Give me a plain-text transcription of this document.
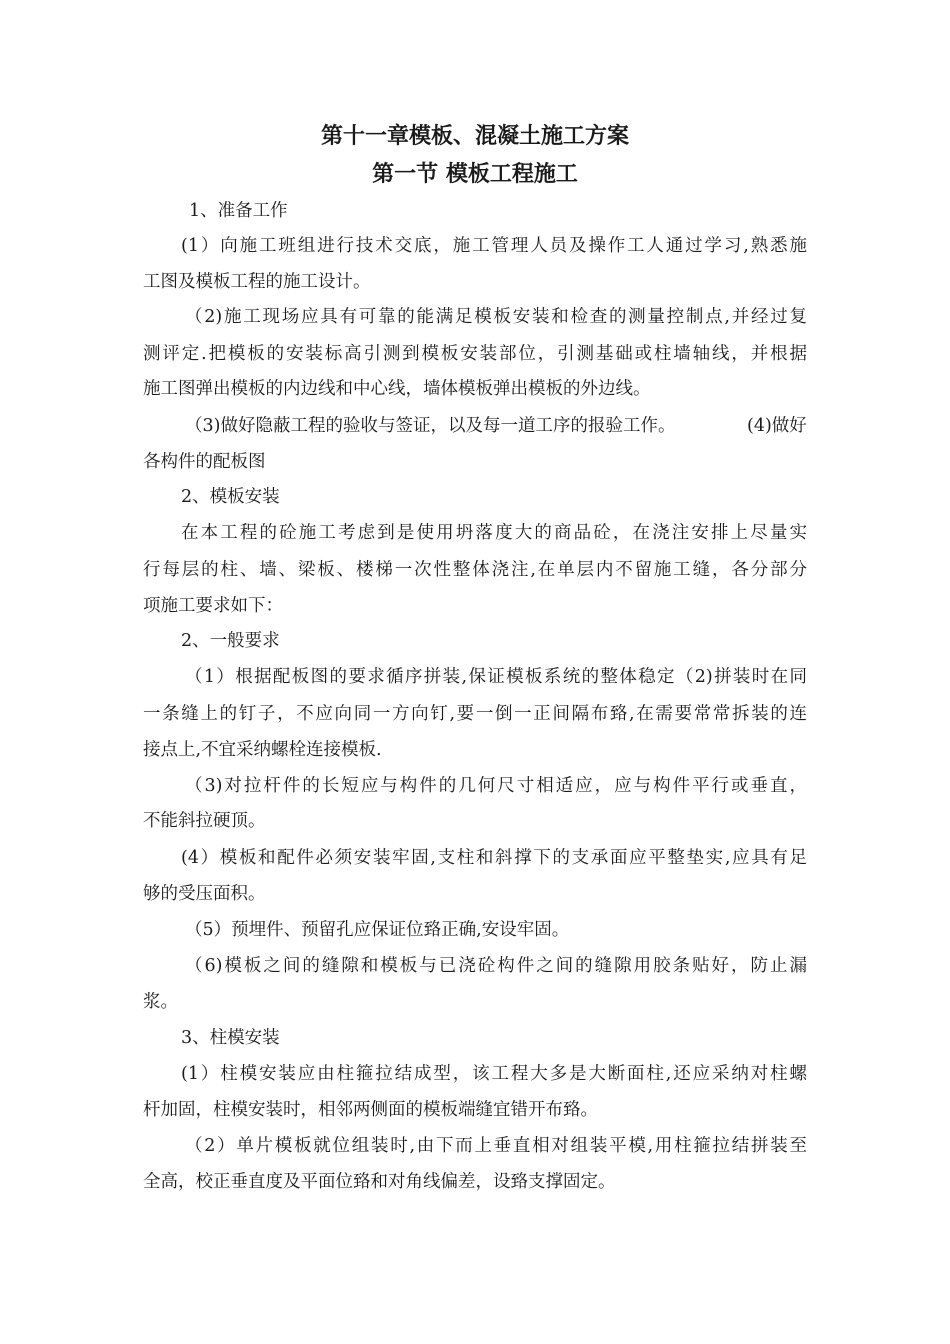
第十一章模板、混凝土施工方案
第一节 模板工程施工
1、准备工作
(1）向施工班组进行技术交底，施工管理人员及操作工人通过学习,熟悉施
工图及模板工程的施工设计。
（2)施工现场应具有可靠的能满足模板安装和检查的测量控制点,并经过复
测评定.把模板的安装标高引测到模板安装部位，引测基础或柱墙轴线，并根据
施工图弹出模板的内边线和中心线，墙体模板弹出模板的外边线。
（3)做好隐蔽工程的验收与签证，以及每一道工序的报验工作。	(4)做好
各构件的配板图
2、模板安装
在本工程的砼施工考虑到是使用坍落度大的商品砼，在浇注安排上尽量实
行每层的柱、墙、梁板、楼梯一次性整体浇注,在单层内不留施工缝，各分部分
项施工要求如下：
2、一般要求
（1）根据配板图的要求循序拼装,保证模板系统的整体稳定（2)拼装时在同
一条缝上的钉子，不应向同一方向钉,要一倒一正间隔布臵,在需要常常拆装的连
接点上,不宜采纳螺栓连接模板.
（3)对拉杆件的长短应与构件的几何尺寸相适应，应与构件平行或垂直，
不能斜拉硬顶。
(4）模板和配件必须安装牢固,支柱和斜撑下的支承面应平整垫实,应具有足
够的受压面积。
（5）预埋件、预留孔应保证位臵正确,安设牢固。
（6)模板之间的缝隙和模板与已浇砼构件之间的缝隙用胶条贴好，防止漏
浆。
3、柱模安装
(1）柱模安装应由柱箍拉结成型，该工程大多是大断面柱,还应采纳对柱螺
杆加固，柱模安装时，相邻两侧面的模板端缝宜错开布臵。
（2）单片模板就位组装时,由下而上垂直相对组装平模,用柱箍拉结拼装至
全高，校正垂直度及平面位臵和对角线偏差，设臵支撑固定。
